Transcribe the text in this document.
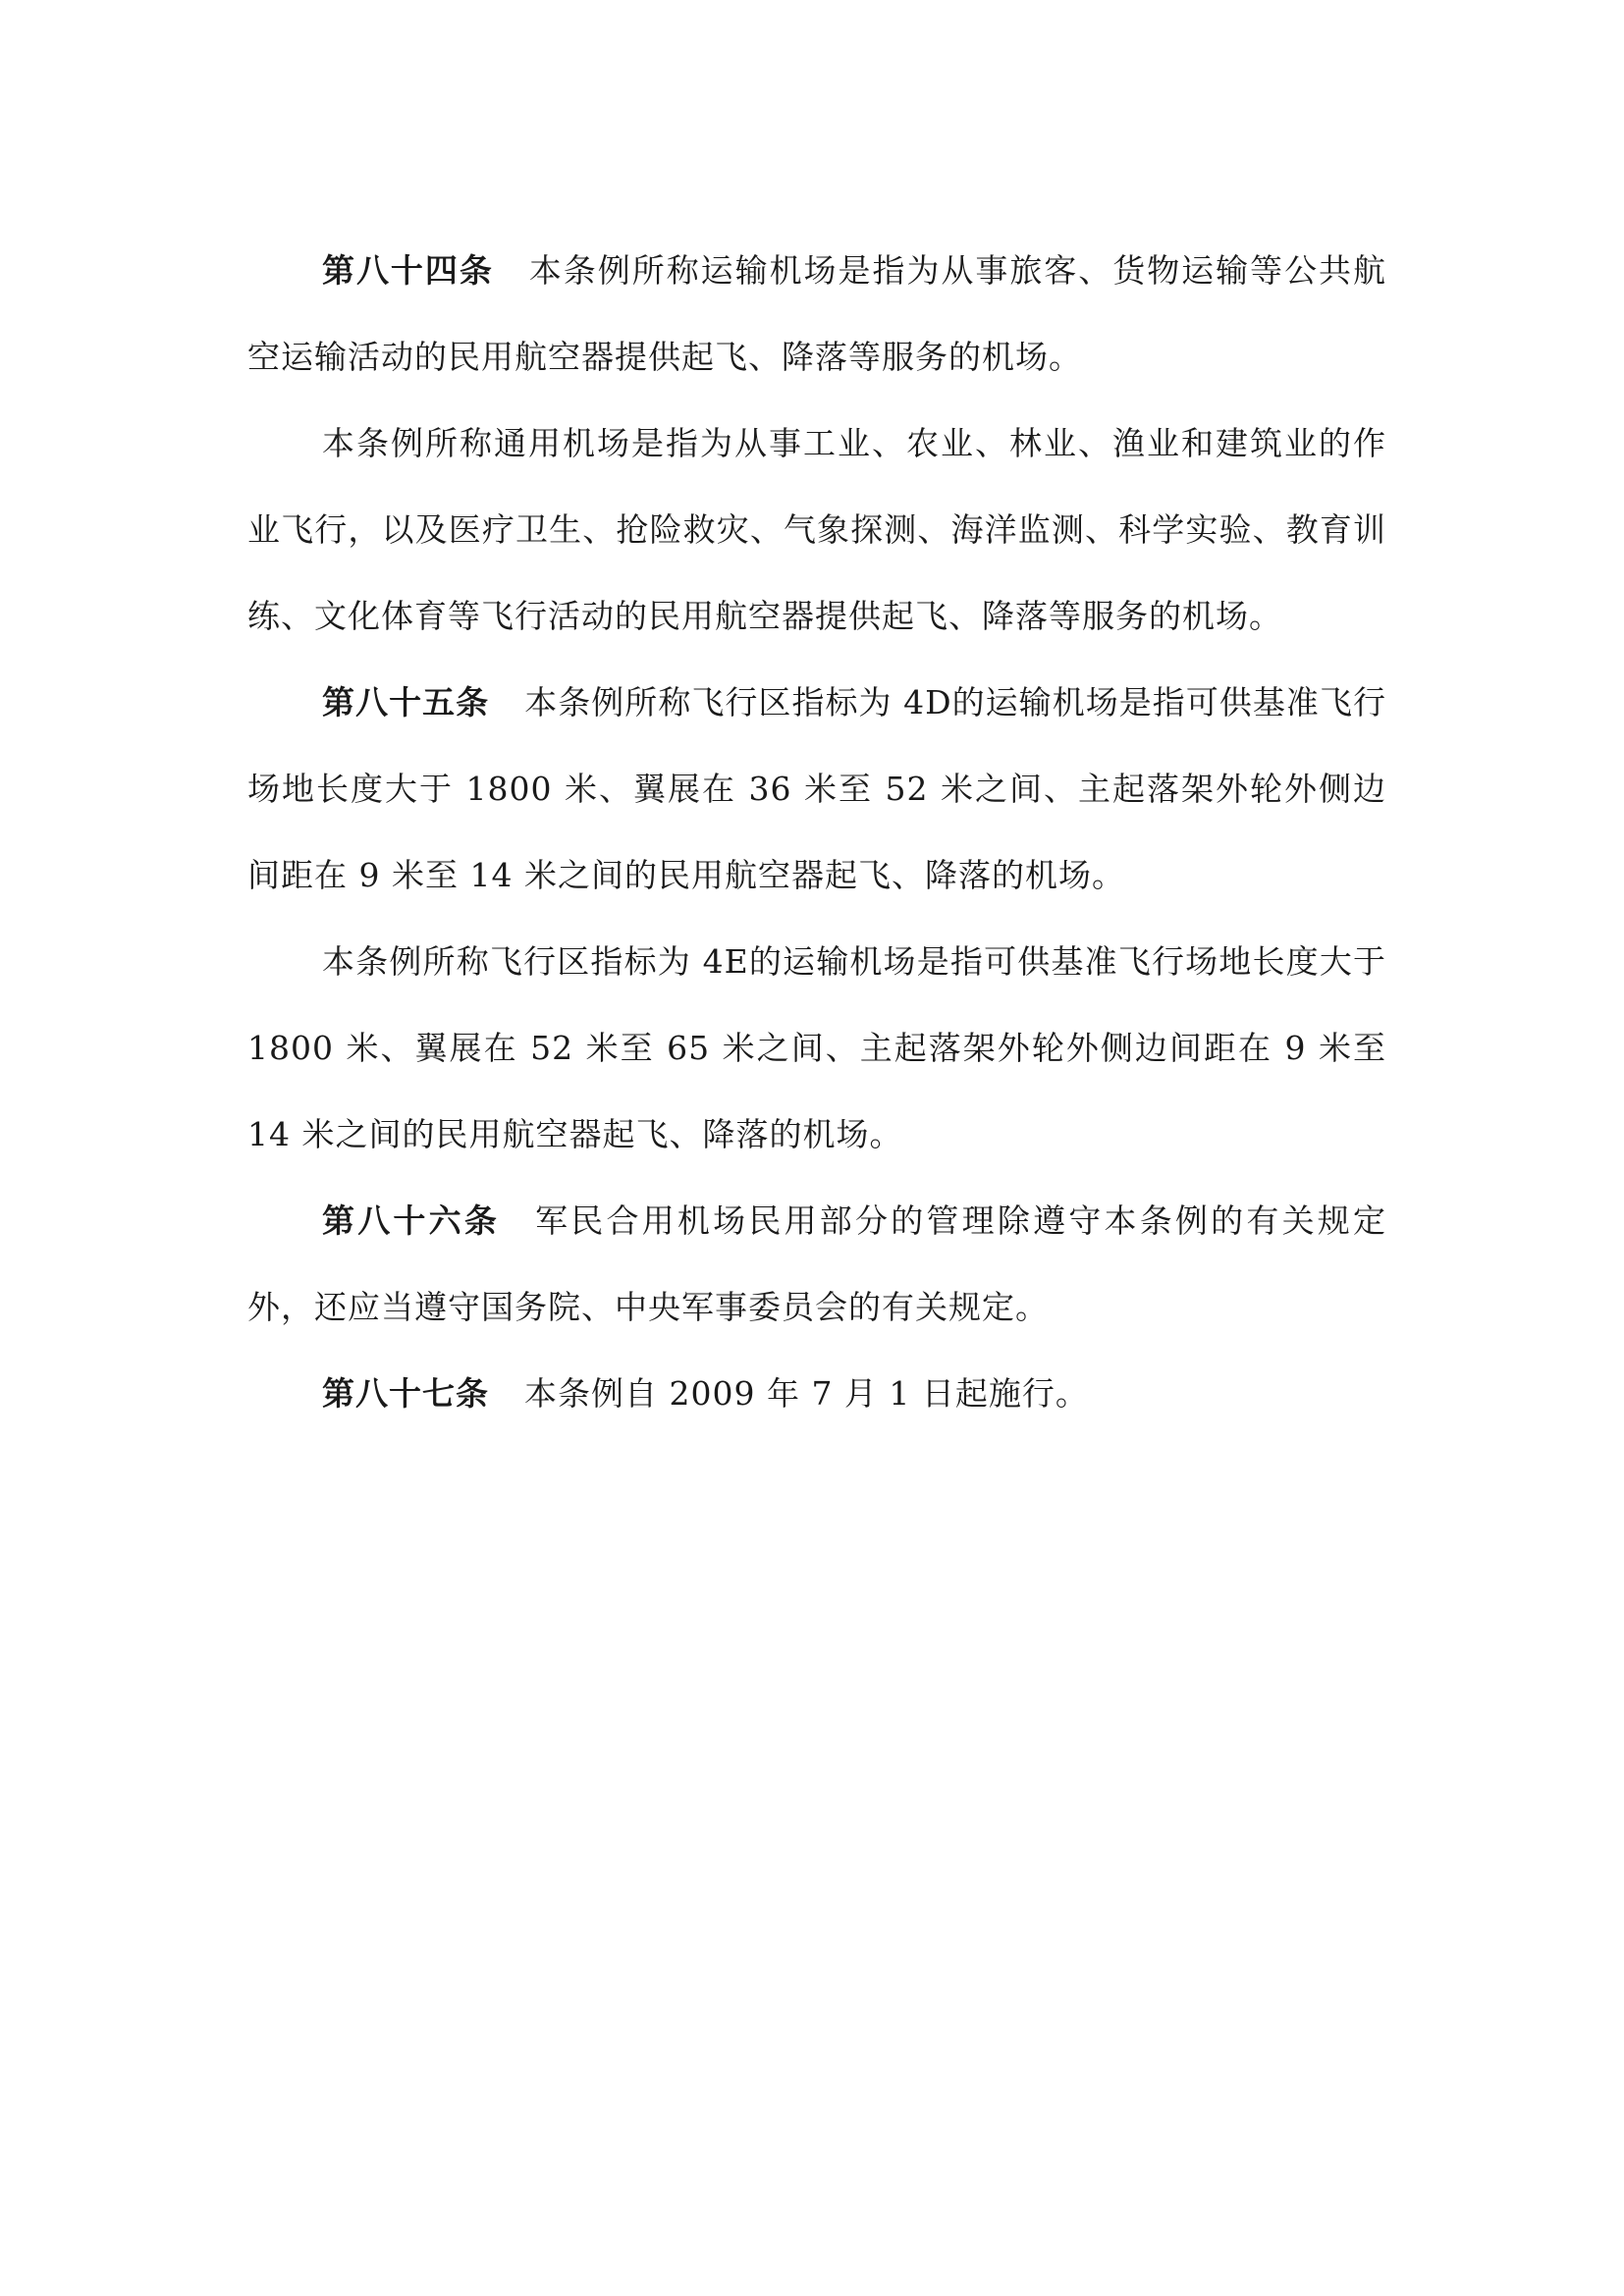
第八十四条 本条例所称运输机场是指为从事旅客、货物运输等公共航空运输活动的民用航空器提供起飞、降落等服务的机场。

本条例所称通用机场是指为从事工业、农业、林业、渔业和建筑业的作业飞行，以及医疗卫生、抢险救灾、气象探测、海洋监测、科学实验、教育训练、文化体育等飞行活动的民用航空器提供起飞、降落等服务的机场。

第八十五条 本条例所称飞行区指标为 4D的运输机场是指可供基准飞行场地长度大于 1800 米、翼展在 36 米至 52 米之间、主起落架外轮外侧边间距在 9 米至 14 米之间的民用航空器起飞、降落的机场。

本条例所称飞行区指标为 4E的运输机场是指可供基准飞行场地长度大于 1800 米、翼展在 52 米至 65 米之间、主起落架外轮外侧边间距在 9 米至 14 米之间的民用航空器起飞、降落的机场。

第八十六条 军民合用机场民用部分的管理除遵守本条例的有关规定外，还应当遵守国务院、中央军事委员会的有关规定。

第八十七条 本条例自 2009 年 7 月 1 日起施行。
